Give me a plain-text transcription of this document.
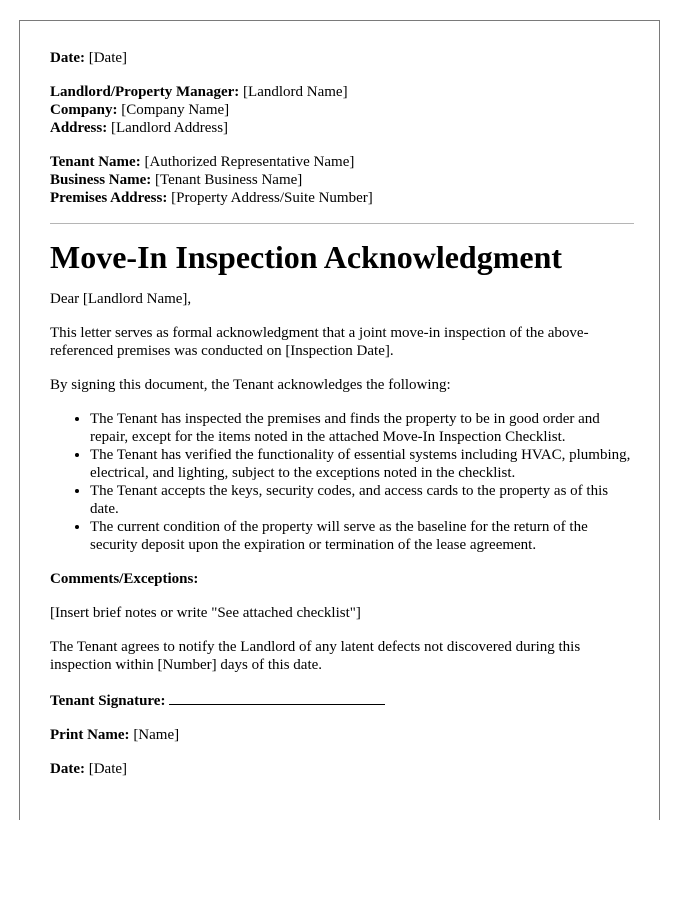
Date: [Date]
Landlord/Property Manager: [Landlord Name]
Company: [Company Name]
Address: [Landlord Address]
Tenant Name: [Authorized Representative Name]
Business Name: [Tenant Business Name]
Premises Address: [Property Address/Suite Number]
Move-In Inspection Acknowledgment

Dear [Landlord Name],

This letter serves as formal acknowledgment that a joint move-in inspection of the above-referenced premises was conducted on [Inspection Date].

By signing this document, the Tenant acknowledges the following:

• The Tenant has inspected the premises and finds the property to be in good order and repair, except for the items noted in the attached Move-In Inspection Checklist.
• The Tenant has verified the functionality of essential systems including HVAC, plumbing, electrical, and lighting, subject to the exceptions noted in the checklist.
• The Tenant accepts the keys, security codes, and access cards to the property as of this date.
• The current condition of the property will serve as the baseline for the return of the security deposit upon the expiration or termination of the lease agreement.

Comments/Exceptions:

[Insert brief notes or write "See attached checklist"]

The Tenant agrees to notify the Landlord of any latent defects not discovered during this inspection within [Number] days of this date.

Tenant Signature:

Print Name: [Name]

Date: [Date]
